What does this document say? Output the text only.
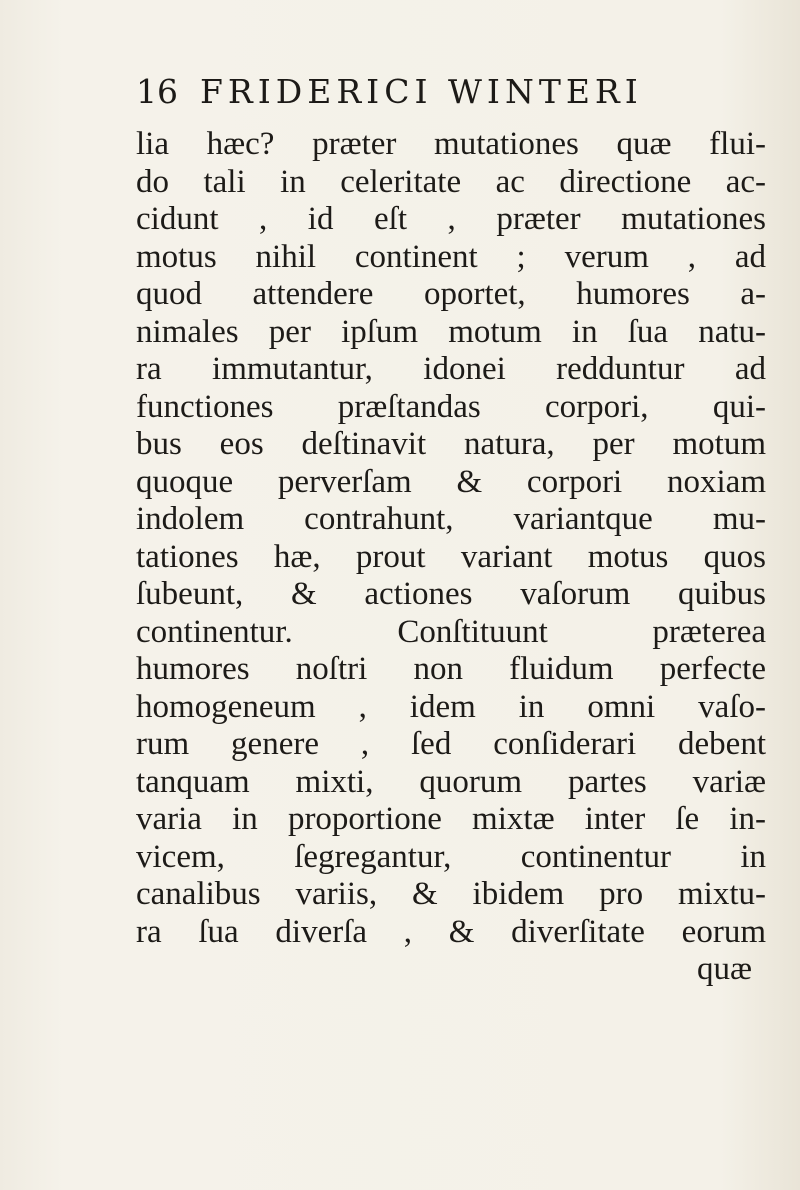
16 FRIDERICI WINTERI
lia hæc? præter mutationes quæ flui-
do tali in celeritate ac directione ac-
cidunt , id eſt , præter mutationes
motus nihil continent ; verum , ad
quod attendere oportet, humores a-
nimales per ipſum motum in ſua natu-
ra immutantur, idonei redduntur ad
functiones præſtandas corpori, qui-
bus eos deſtinavit natura, per motum
quoque perverſam & corpori noxiam
indolem contrahunt, variantque mu-
tationes hæ, prout variant motus quos
ſubeunt, & actiones vaſorum quibus
continentur. Conſtituunt præterea
humores noſtri non fluidum perfecte
homogeneum , idem in omni vaſo-
rum genere , ſed conſiderari debent
tanquam mixti, quorum partes variæ
varia in proportione mixtæ inter ſe in-
vicem, ſegregantur, continentur in
canalibus variis, & ibidem pro mixtu-
ra ſua diverſa , & diverſitate eorum
quæ
